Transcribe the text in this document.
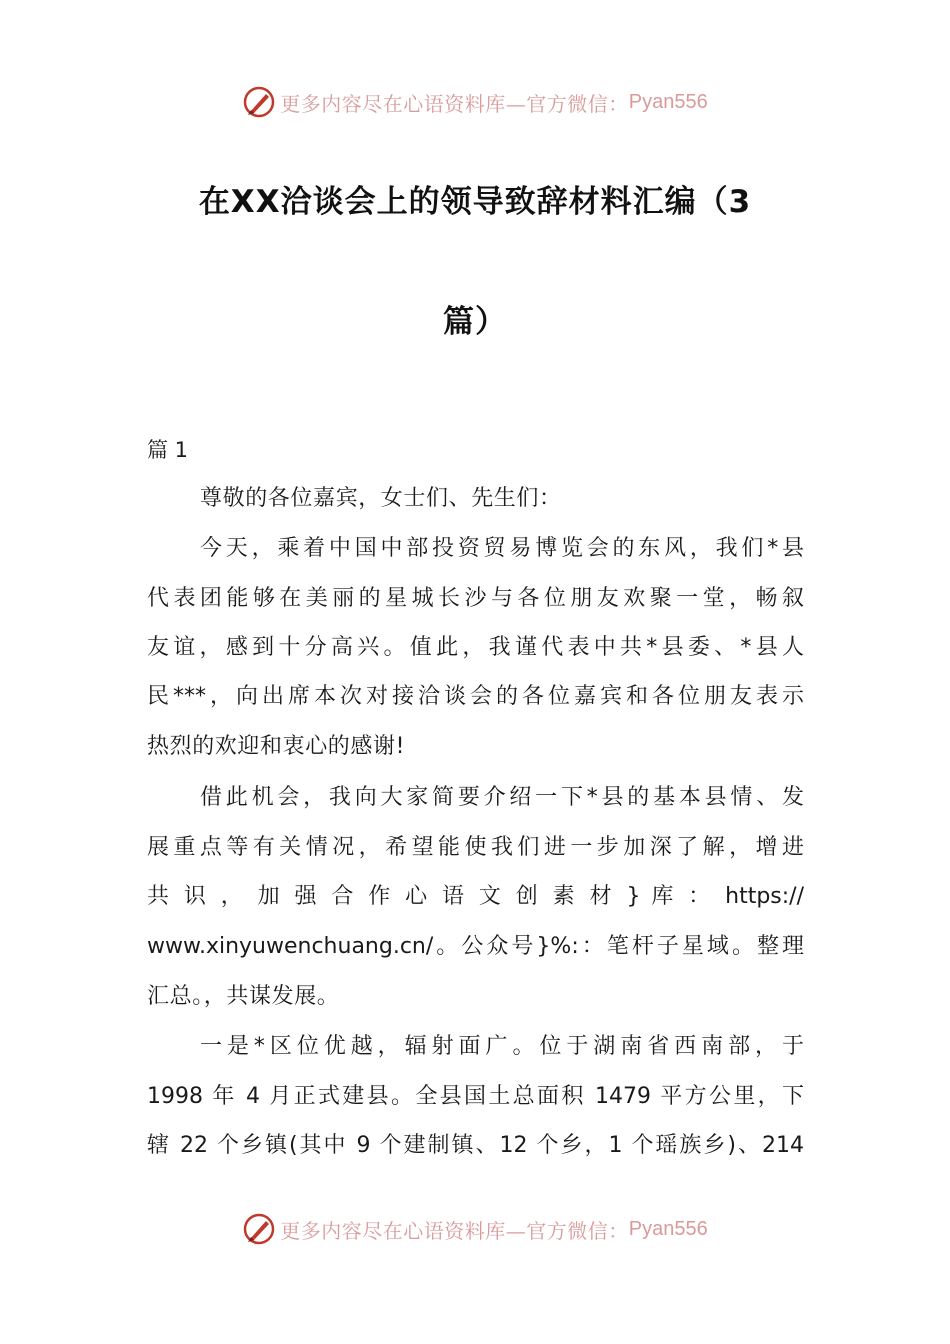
更多内容尽在心语资料库—官方微信： Pyan556
在XX洽谈会上的领导致辞材料汇编（3
篇）
篇 1
尊敬的各位嘉宾，女士们、先生们：
今天，乘着中国中部投资贸易博览会的东风，我们*县
代表团能够在美丽的星城长沙与各位朋友欢聚一堂，畅叙
友谊，感到十分高兴。值此，我谨代表中共*县委、*县人
民***，向出席本次对接洽谈会的各位嘉宾和各位朋友表示
热烈的欢迎和衷心的感谢!
借此机会，我向大家简要介绍一下*县的基本县情、发
展重点等有关情况，希望能使我们进一步加深了解，增进
共 识 ， 加 强 合 作 心 语 文 创 素 材 } 库 ： https://
www.xinyuwenchuang.cn/。公众号}%:：笔杆子星域。整理
汇总。，共谋发展。
一是*区位优越，辐射面广。位于湖南省西南部，于
1998 年 4 月正式建县。全县国土总面积 1479 平方公里，下
辖 22 个乡镇(其中 9 个建制镇、12 个乡，1 个瑶族乡)、214
更多内容尽在心语资料库—官方微信： Pyan556
